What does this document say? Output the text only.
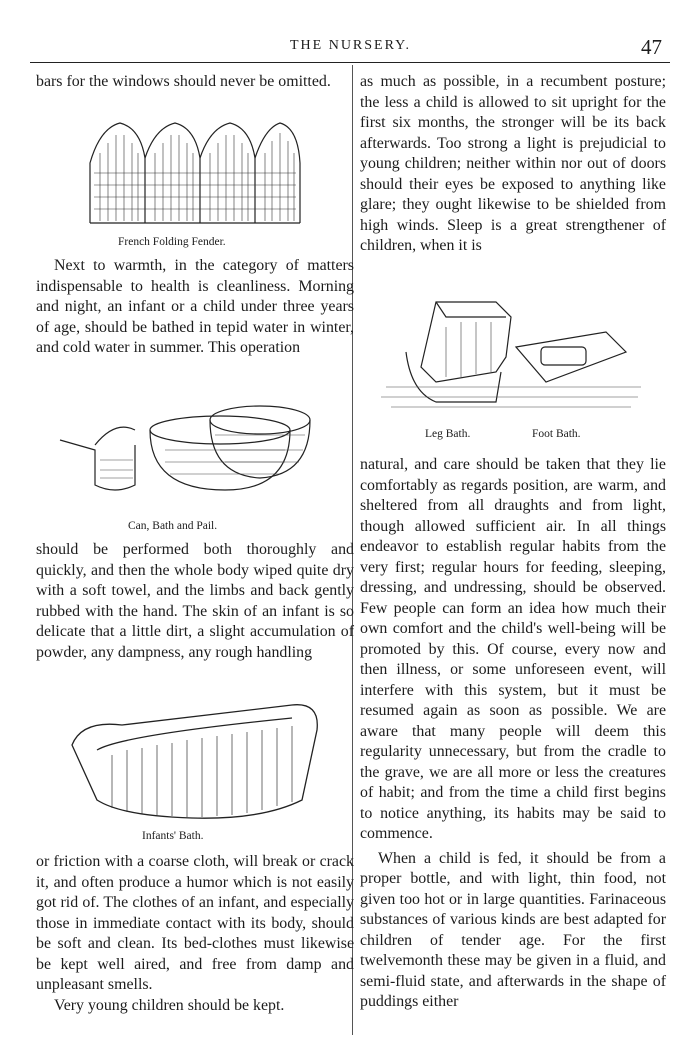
THE NURSERY.	47

bars for the windows should never be omitted.

French Folding Fender.

Next to warmth, in the category of matters indispensable to health is cleanliness. Morning and night, an infant or a child under three years of age, should be bathed in tepid water in winter, and cold water in summer. This operation

Can, Bath and Pail.

should be performed both thoroughly and quickly, and then the whole body wiped quite dry with a soft towel, and the limbs and back gently rubbed with the hand. The skin of an infant is so delicate that a little dirt, a slight accumulation of powder, any dampness, any rough handling

Infants' Bath.

or friction with a coarse cloth, will break or crack it, and often produce a humor which is not easily got rid of. The clothes of an infant, and especially those in immediate contact with its body, should be soft and clean. Its bed-clothes must likewise be kept well aired, and free from damp and unpleasant smells.

Very young children should be kept.

as much as possible, in a recumbent posture; the less a child is allowed to sit upright for the first six months, the stronger will be its back afterwards. Too strong a light is prejudicial to young children; neither within nor out of doors should their eyes be exposed to anything like glare; they ought likewise to be shielded from high winds. Sleep is a great strengthener of children, when it is

Leg Bath.	Foot Bath.

natural, and care should be taken that they lie comfortably as regards position, are warm, and sheltered from all draughts and from light, though allowed sufficient air. In all things endeavor to establish regular habits from the very first; regular hours for feeding, sleeping, dressing, and undressing, should be observed. Few people can form an idea how much their own comfort and the child's well-being will be promoted by this. Of course, every now and then illness, or some unforeseen event, will interfere with this system, but it must be resumed again as soon as possible. We are aware that many people will deem this regularity unnecessary, but from the cradle to the grave, we are all more or less the creatures of habit; and from the time a child first begins to notice anything, its habits may be said to commence.

When a child is fed, it should be from a proper bottle, and with light, thin food, not given too hot or in large quantities. Farinaceous substances of various kinds are best adapted for children of tender age. For the first twelvemonth these may be given in a fluid, and semi-fluid state, and afterwards in the shape of puddings either
